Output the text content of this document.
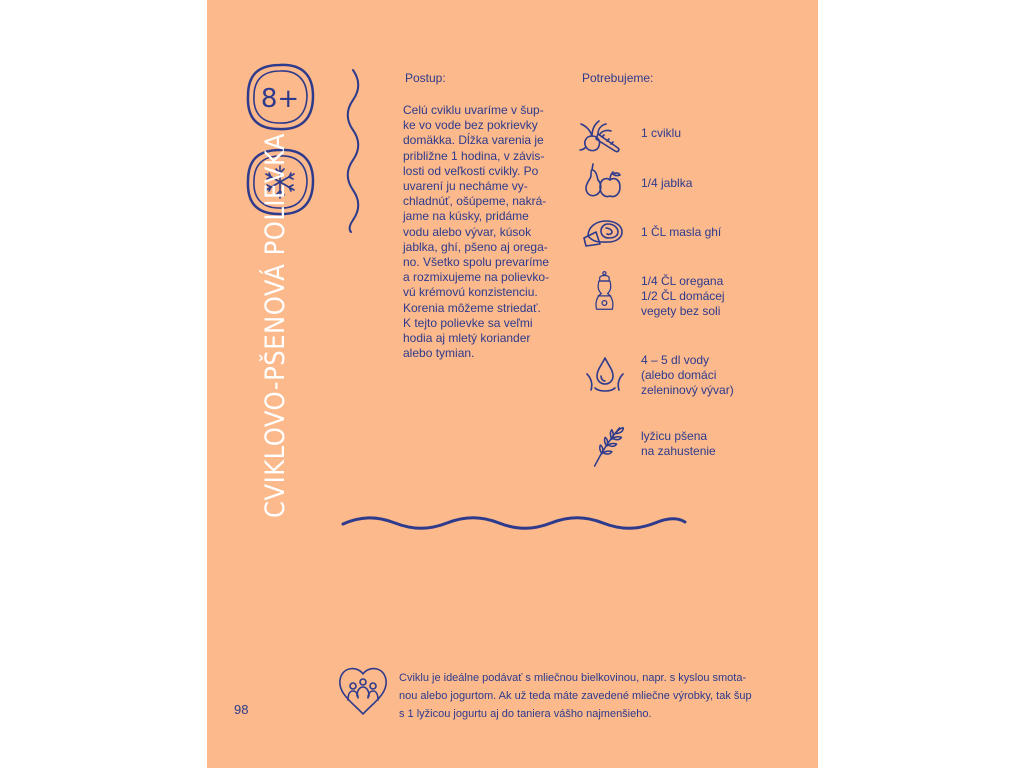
8+
CVIKLOVO-PŠENOVÁ POLIEVKA
Postup:
Celú cviklu uvaríme v šup-
ke vo vode bez pokrievky
domäkka. Dĺžka varenia je
približne 1 hodina, v závis-
losti od veľkosti cvikly. Po
uvarení ju necháme vy-
chladnúť, ošúpeme, nakrá-
jame na kúsky, pridáme
vodu alebo vývar, kúsok
jablka, ghí, pšeno aj orega-
no. Všetko spolu prevaríme
a rozmixujeme na polievko-
vú krémovú konzistenciu.
Korenia môžeme striedať.
K tejto polievke sa veľmi
hodia aj mletý koriander
alebo tymian.
Potrebujeme:
1 cviklu
1/4 jablka
1 ČL masla ghí
1/4 ČL oregana
1/2 ČL domácej
vegety bez soli
4 – 5 dl vody
(alebo domáci
zeleninový vývar)
lyžicu pšena
na zahustenie
Cviklu je ideálne podávať s mliečnou bielkovinou, napr. s kyslou smota-
nou alebo jogurtom. Ak už teda máte zavedené mliečne výrobky, tak šup
s 1 lyžicou jogurtu aj do taniera vášho najmenšieho.
98
